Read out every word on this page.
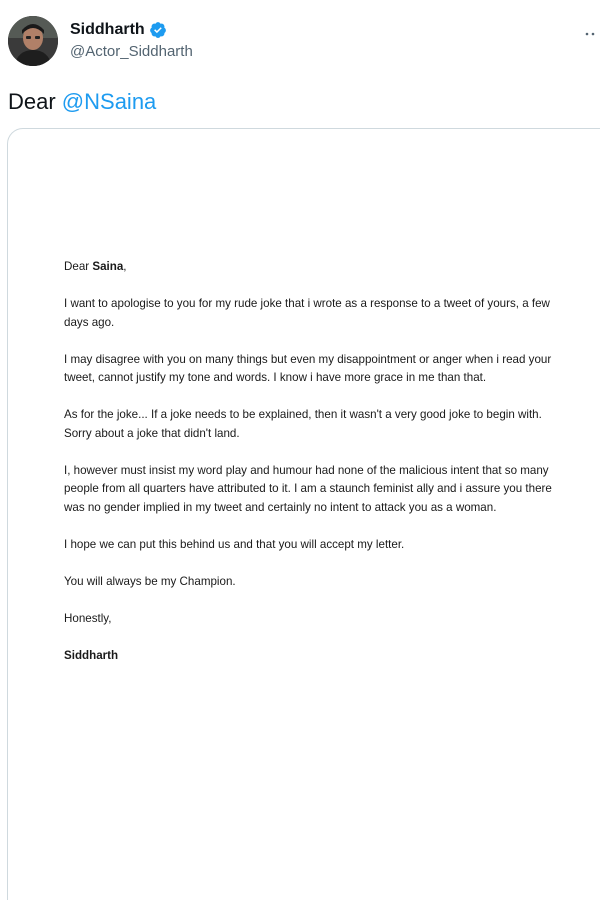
Siddharth
@Actor_Siddharth
Dear @NSaina

Dear Saina,

I want to apologise to you for my rude joke that i wrote as a response to a tweet of yours, a few days ago.

I may disagree with you on many things but even my disappointment or anger when i read your tweet, cannot justify my tone and words. I know i have more grace in me than that.

As for the joke... If a joke needs to be explained, then it wasn't a very good joke to begin with. Sorry about a joke that didn't land.

I, however must insist my word play and humour had none of the malicious intent that so many people from all quarters have attributed to it. I am a staunch feminist ally and i assure you there was no gender implied in my tweet and certainly no intent to attack you as a woman.

I hope we can put this behind us and that you will accept my letter.

You will always be my Champion.

Honestly,

Siddharth
